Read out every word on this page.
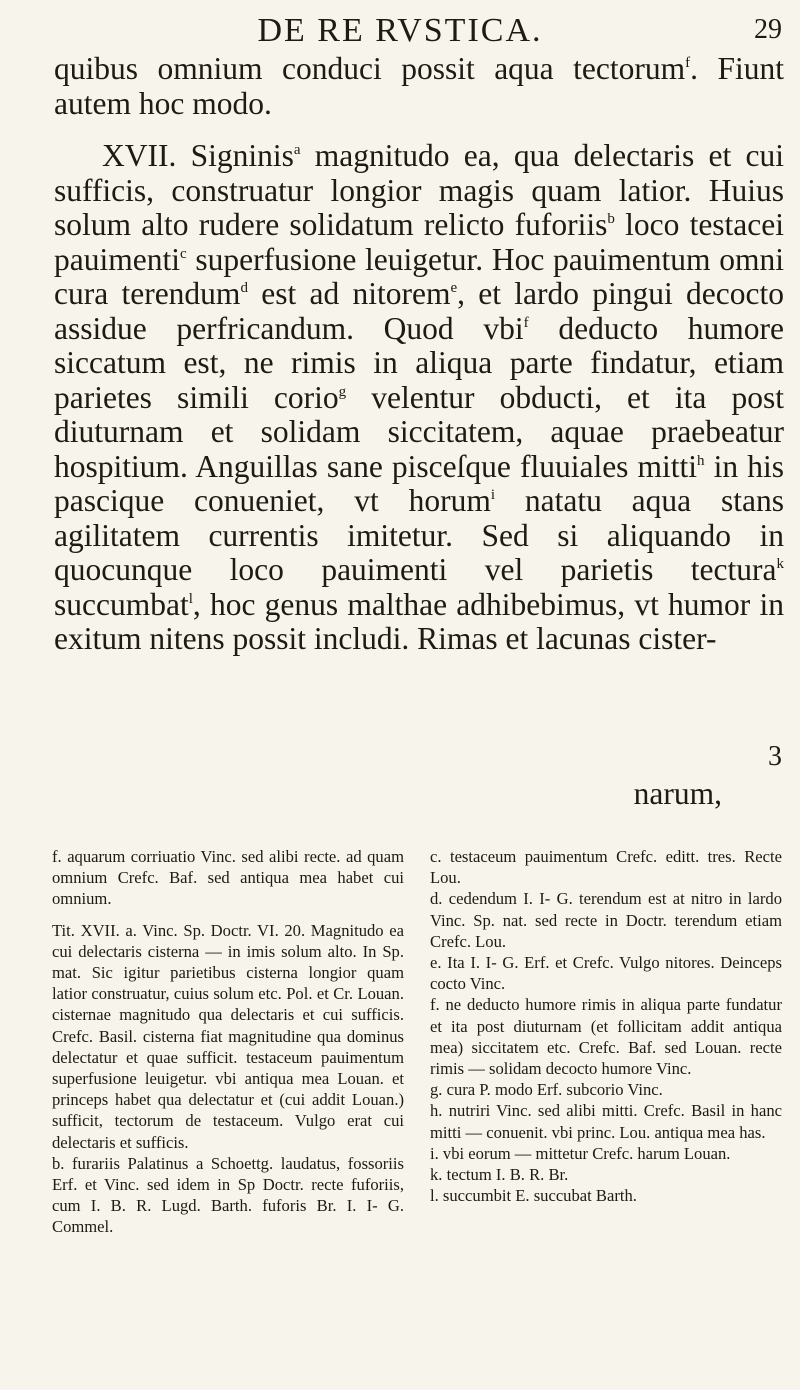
DE RE RVSTICA.	29

quibus omnium conduci possit aqua tectorum$^f$. Fiunt autem hoc modo.

XVII. Signinis$^a$ magnitudo ea, qua delectaris et cui sufficis, construatur longior magis quam latior. Huius solum alto rudere solidatum relicto fuforiis$^b$ loco testacei pauimenti$^c$ superfusione leuigetur. Hoc pauimentum omni cura terendum$^d$ est ad nitorem$^e$, et lardo pingui decocto assidue perfricandum. Quod vbi$^f$ deducto humore siccatum est, ne rimis in aliqua parte findatur, etiam parietes simili corio$^g$ velentur obducti, et ita post diuturnam et solidam siccitatem, aquae praebeatur hospitium. Anguillas sane pisceſque fluuiales mitti$^h$ in his pascique conueniet, vt horum$^i$ natatu aqua stans agilitatem currentis imitetur. Sed si aliquando in quocunque loco pauimenti vel parietis tectura$^k$ succumbat$^l$, hoc genus malthae adhibebimus, vt humor in exitum nitens possit includi. Rimas et lacunas cister-

3
narum,

f. aquarum corriuatio Vinc. sed alibi recte. ad quam omnium Crefc. Baf. sed antiqua mea habet cui omnium.

Tit. XVII. a. Vinc. Sp. Doctr. VI. 20. Magnitudo ea cui delectaris cisterna — in imis solum alto. In Sp. mat. Sic igitur parietibus cisterna longior quam latior construatur, cuius solum etc. Pol. et Cr. Louan. cisternae magnitudo qua delectaris et cui sufficis. Crefc. Basil. cisterna fiat magnitudine qua dominus delectatur et quae sufficit. testaceum pauimentum superfusione leuigetur. vbi antiqua mea Louan. et princeps habet qua delectatur et (cui addit Louan.) sufficit, tectorum de testaceum. Vulgo erat cui delectaris et sufficis.

b. furariis Palatinus a Schoettg. laudatus, fossoriis Erf. et Vinc. sed idem in Sp Doctr. recte fuforiis, cum I. B. R. Lugd. Barth. fuforis Br. I. I- G. Commel.

c. testaceum pauimentum Crefc. editt. tres. Recte Lou.

d. cedendum I. I- G. terendum est at nitro in lardo Vinc. Sp. nat. sed recte in Doctr. terendum etiam Crefc. Lou.

e. Ita I. I- G. Erf. et Crefc. Vulgo nitores. Deinceps cocto Vinc.

f. ne deducto humore rimis in aliqua parte fundatur et ita post diuturnam (et follicitam addit antiqua mea) siccitatem etc. Crefc. Baf. sed Louan. recte rimis — solidam decocto humore Vinc.

g. cura P. modo Erf. subcorio Vinc.

h. nutriri Vinc. sed alibi mitti. Crefc. Basil in hanc mitti — conuenit. vbi princ. Lou. antiqua mea has.

i. vbi eorum — mittetur Crefc. harum Louan.

k. tectum I. B. R. Br.

l. succumbit E. succubat Barth.
